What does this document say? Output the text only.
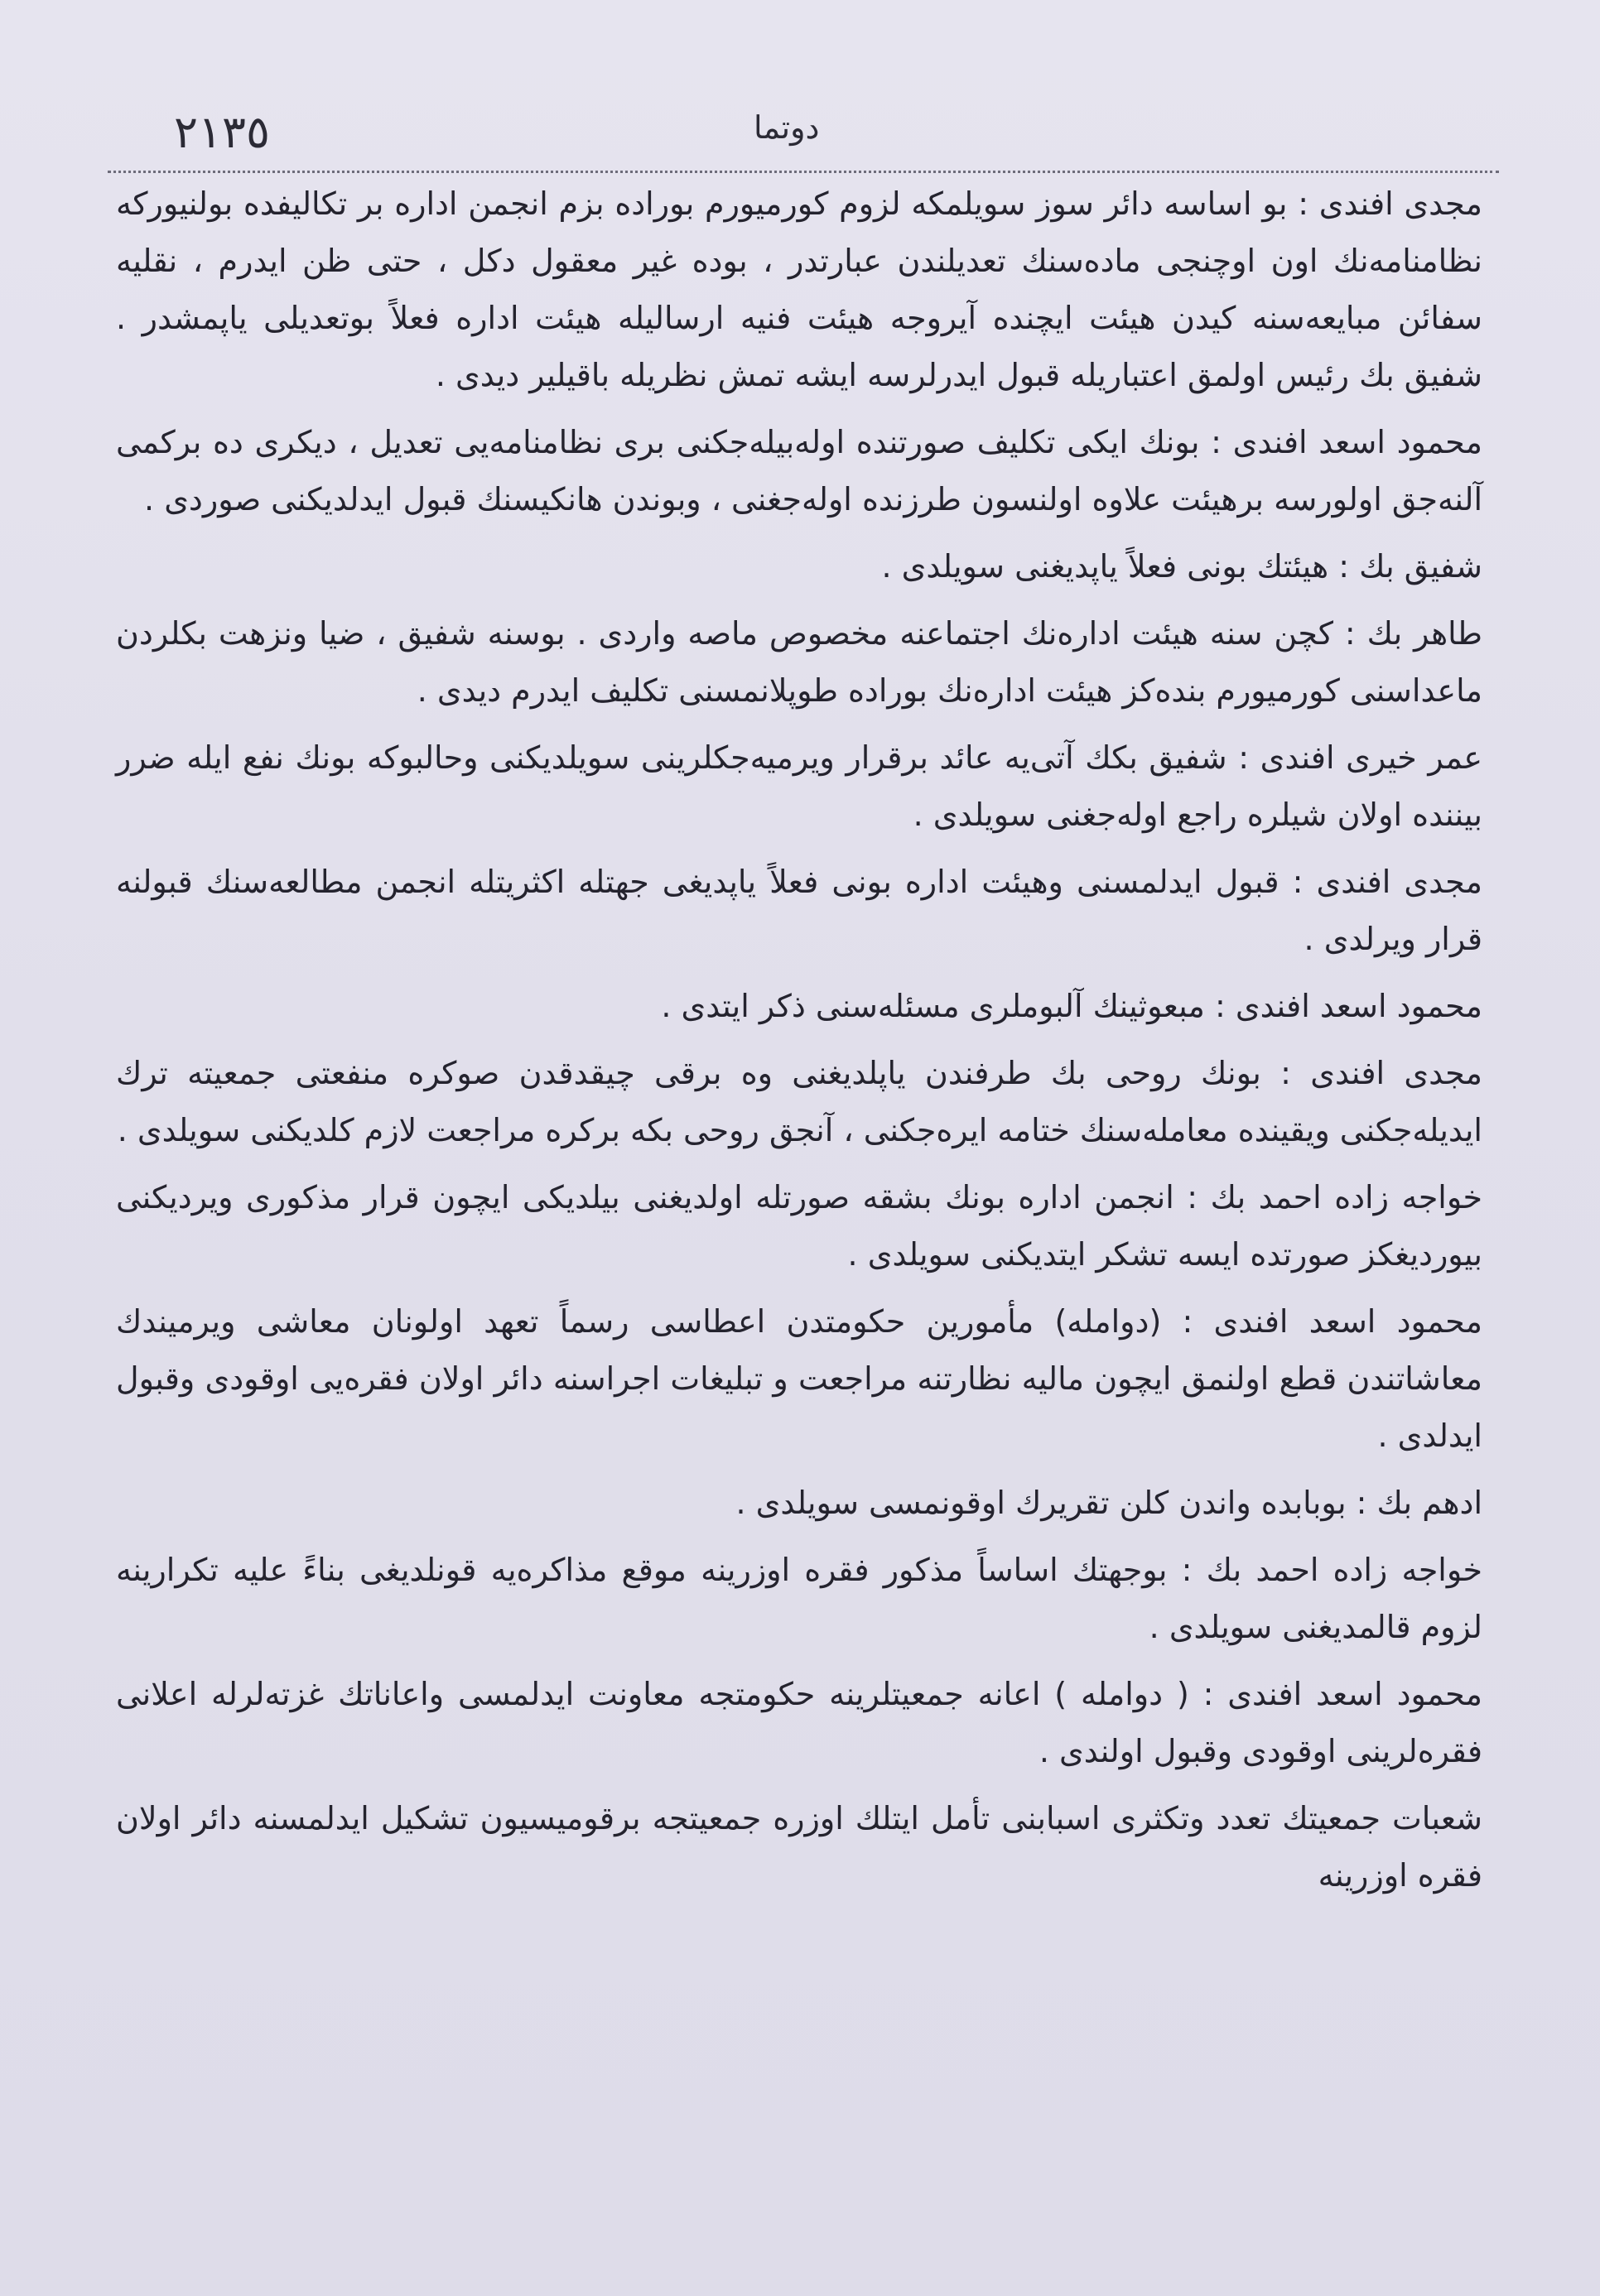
٢١٣٥	دوتما

مجدی افندی : بو اساسه دائر سوز سویلمکه لزوم کورمیورم بوراده بزم انجمن اداره بر تکالیفده بولنیورکه نظامنامه‌نك اون اوچنجی ماده‌سنك تعدیلندن عبارتدر ، بوده غیر معقول دکل ، حتی ظن ایدرم ، نقلیه سفائن مبایعه‌سنه کیدن هیئت ایچنده آیروجه هیئت فنیه ارسالیله هیئت اداره فعلاً بوتعدیلی یاپمشدر . شفیق بك رئیس اولمق اعتباریله قبول ایدرلرسه ایشه تمش نظریله باقیلیر دیدی .

محمود اسعد افندی : بونك ایکی تکلیف صورتنده اوله‌بیله‌جکنی بری نظامنامه‌یی تعدیل ، دیکری ده برکمی آلنه‌جق اولورسه برهیئت علاوه اولنسون طرزنده اوله‌جغنی ، وبوندن هانکیسنك قبول ایدلدیکنی صوردی .

شفیق بك : هیئتك بونی فعلاً یاپدیغنی سویلدی .

طاهر بك : کچن سنه هیئت اداره‌نك اجتماعنه مخصوص ماصه واردی . بوسنه شفیق ، ضیا ونزهت بکلردن ماعداسنی کورمیورم بنده‌کز هیئت اداره‌نك بوراده طوپلانمسنی تکلیف ایدرم دیدی .

عمر خیری افندی : شفیق بکك آتی‌یه عائد برقرار ویرمیه‌جکلرینی سویلدیکنی وحالبوکه بونك نفع ایله ضرر بیننده اولان شیلره راجع اوله‌جغنی سویلدی .

مجدی افندی : قبول ایدلمسنی وهیئت اداره بونی فعلاً یاپدیغی جهتله اکثریتله انجمن مطالعه‌سنك قبولنه قرار ویرلدی .

محمود اسعد افندی : مبعوثینك آلبوملری مسئله‌سنی ذکر ایتدی .

مجدی افندی : بونك روحی بك طرفندن یاپلدیغنی وه برقی چیقدقدن صوکره منفعتی جمعیته ترك ایدیله‌جکنی ویقینده معامله‌سنك ختامه ایره‌جکنی ، آنجق روحی بکه برکره مراجعت لازم کلدیکنی سویلدی .

خواجه زاده احمد بك : انجمن اداره بونك بشقه صورتله اولدیغنی بیلدیکی ایچون قرار مذکوری ویردیکنی بیوردیغکز صورتده ایسه تشکر ایتدیکنی سویلدی .

محمود اسعد افندی : (دوامله) مأمورین حکومتدن اعطاسی رسماً تعهد اولونان معاشی ویرمیندك معاشاتندن قطع اولنمق ایچون مالیه نظارتنه مراجعت و تبلیغات اجراسنه دائر اولان فقره‌یی اوقودی وقبول ایدلدی .

ادهم بك : بوبابده واندن کلن تقریرك اوقونمسی سویلدی .

خواجه زاده احمد بك : بوجهتك اساساً مذکور فقره اوزرینه موقع مذاکره‌یه قونلدیغی بناءً علیه تکرارینه لزوم قالمدیغنی سویلدی .

محمود اسعد افندی : ( دوامله ) اعانه جمعیتلرینه حکومتجه معاونت ایدلمسی واعاناتك غزته‌لرله اعلانی فقره‌لرینی اوقودی وقبول اولندی .

شعبات جمعیتك تعدد وتکثری اسبابنی تأمل ایتلك اوزره جمعیتجه برقومیسیون تشکیل ایدلمسنه دائر اولان فقره اوزرینه
